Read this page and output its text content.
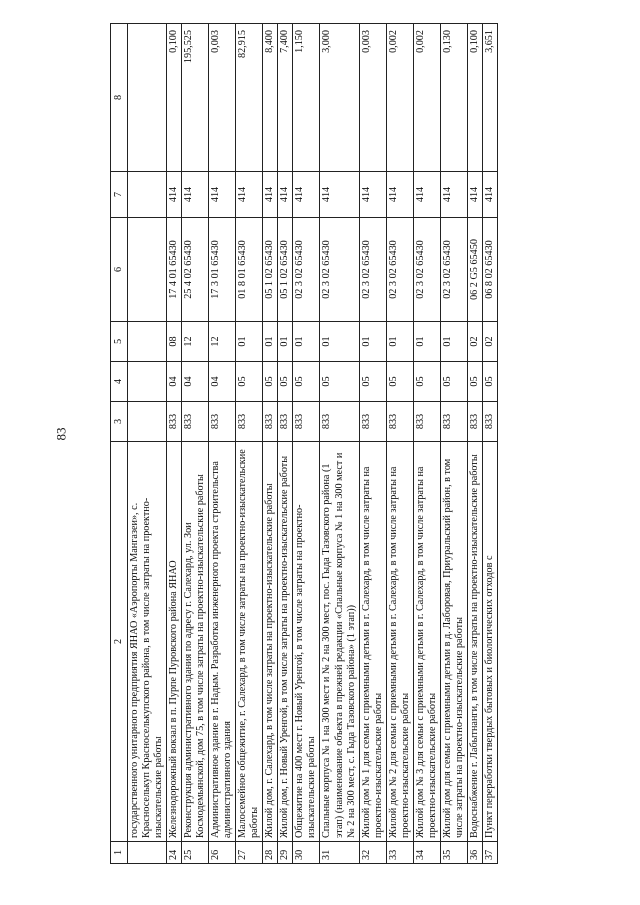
83
1	2	3	4	5	6	7	8
	государственного унитарного предприятия ЯНАО «Аэропорты Мангазеи», с. Красноселькуп Красноселькупского района, в том числе затраты на проектно-изыскательские работы						
24	Железнодорожный вокзал в п. Пурпе Пуровского района ЯНАО	833	04	08	17 4 01 65430	414	0,100
25	Реконструкция административного здания по адресу г. Салехард, ул. Зои Космодемьянской, дом 75, в том числе затраты на проектно-изыскательские работы	833	04	12	25 4 02 65430	414	195,525
26	Административное здание в г. Надым. Разработка инженерного проекта строительства административного здания	833	04	12	17 3 01 65430	414	0,003
27	Малосемейное общежитие, г. Салехард, в том числе затраты на проектно-изыскательские работы	833	05	01	01 8 01 65430	414	82,915
28	Жилой дом, г. Салехард, в том числе затраты на проектно-изыскательские работы	833	05	01	05 1 02 65430	414	8,400
29	Жилой дом, г. Новый Уренгой, в том числе затраты на проектно-изыскательские работы	833	05	01	05 1 02 65430	414	7,400
30	Общежитие на 400 мест г. Новый Уренгой, в том числе затраты на проектно-изыскательские работы	833	05	01	02 3 02 65430	414	1,150
31	Спальные корпуса № 1 на 300 мест и № 2 на 300 мест, пос. Гыда Тазовского района (1 этап) (наименование объекта в прежней редакции «Спальные корпуса № 1 на 300 мест и № 2 на 300 мест, с. Гыда Тазовского района» (1 этап))	833	05	01	02 3 02 65430	414	3,000
32	Жилой дом № 1 для семьи с приемными детьми в г. Салехард, в том числе затраты на проектно-изыскательские работы	833	05	01	02 3 02 65430	414	0,003
33	Жилой дом № 2 для семьи с приемными детьми в г. Салехард, в том числе затраты на проектно-изыскательские работы	833	05	01	02 3 02 65430	414	0,002
34	Жилой дом № 3 для семьи с приемными детьми в г. Салехард, в том числе затраты на проектно-изыскательские работы	833	05	01	02 3 02 65430	414	0,002
35	Жилой дом для семьи с приемными детьми в д. Лаборовая, Приуральский район, в том числе затраты на проектно-изыскательские работы	833	05	01	02 3 02 65430	414	0,130
36	Водоснабжение г. Лабытнанги, в том числе затраты на проектно-изыскательские работы	833	05	02	06 2 G5 65450	414	0,100
37	Пункт переработки твердых бытовых и биологических отходов с	833	05	02	06 8 02 65430	414	3,651
